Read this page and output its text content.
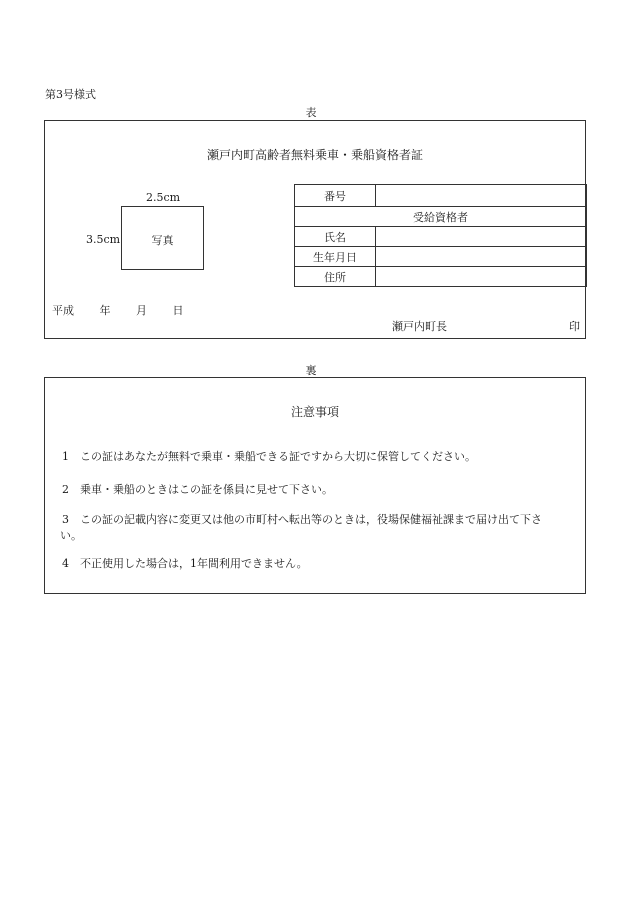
第3号様式
表
瀬戸内町高齢者無料乗車・乗船資格者証
2.5cm
3.5cm	写真
番号	
受給資格者	
氏名	
生年月日	
住所	
平成　　 年　　 月　　 日
瀬戸内町長	印
裏
注意事項
1 この証はあなたが無料で乗車・乗船できる証ですから大切に保管してください。
2 乗車・乗船のときはこの証を係員に見せて下さい。
3 この証の記載内容に変更又は他の市町村へ転出等のときは，役場保健福祉課まで届け出て下さ
い。
4 不正使用した場合は，1年間利用できません。
